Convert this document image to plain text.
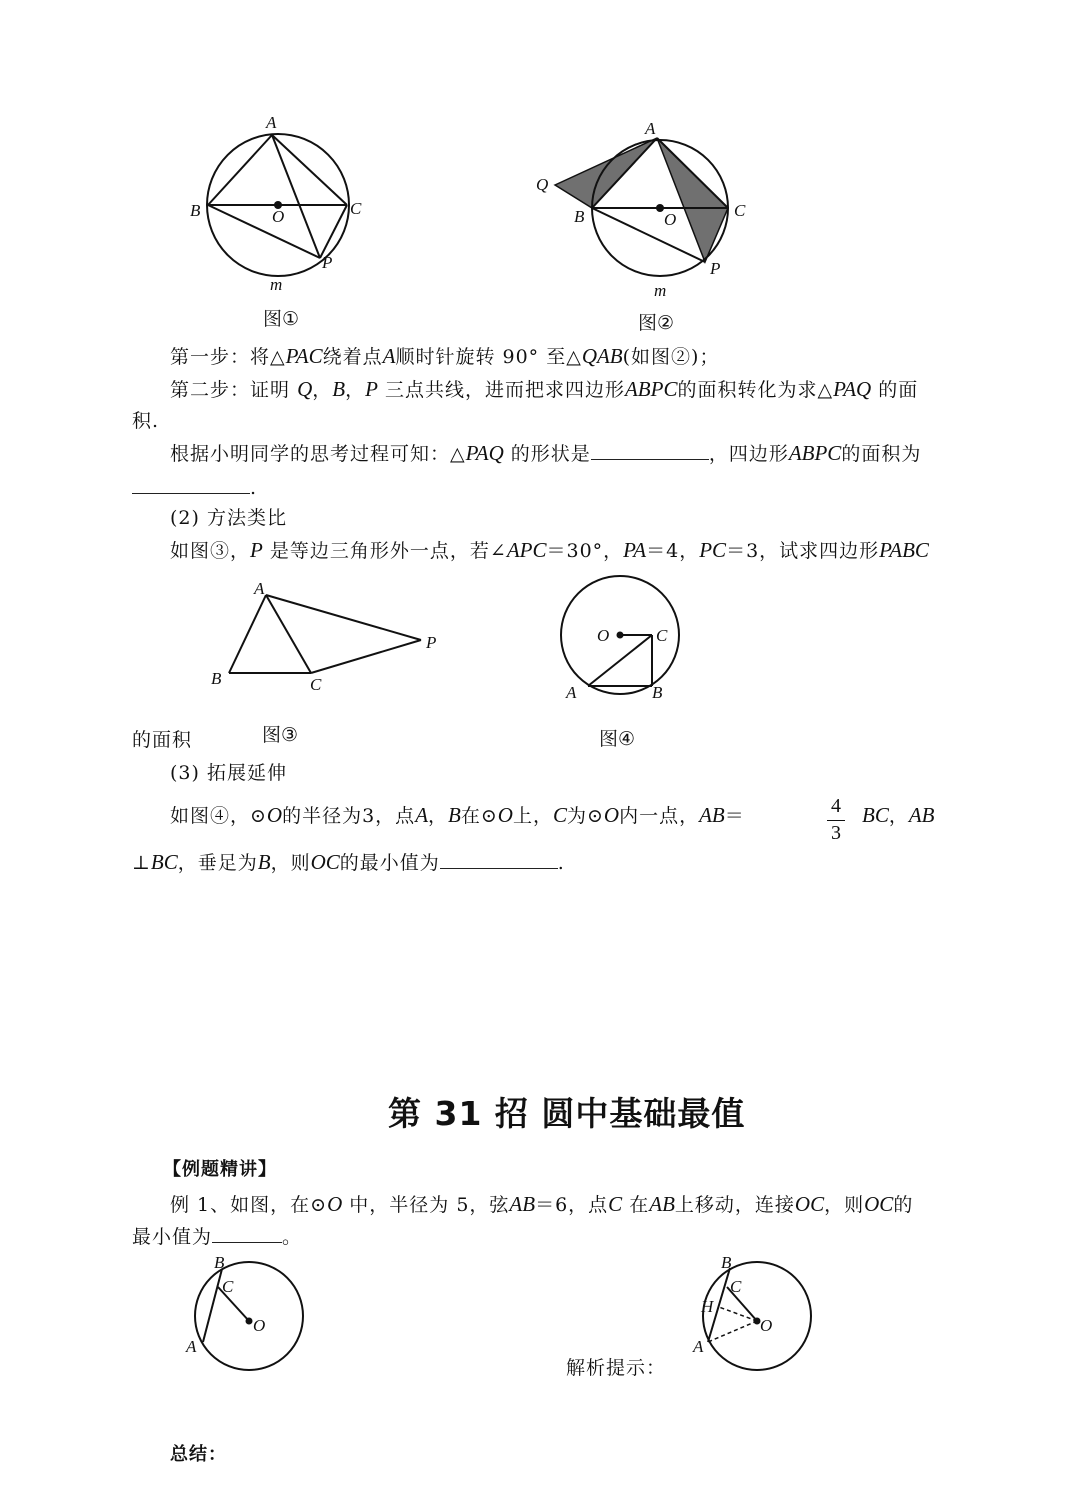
A
B	C
O
P
m
A
Q
B	C
O
P
m
A
B	C
P	O	C
A	B
B
C
O
A
B
C
H
O
A
图①	图②
图③	图④
第一步：将△PAC绕着点A顺时针旋转 90° 至△QAB(如图②)；
第二步：证明 Q，B，P 三点共线，进而把求四边形ABPC的面积转化为求△PAQ 的面
积.
根据小明同学的思考过程可知：△PAQ 的形状是	，四边形ABPC的面积为
.
(2) 方法类比
如图③，P 是等边三角形外一点，若∠APC＝30°，PA＝4，PC＝3，试求四边形PABC
的面积
(3) 拓展延伸
如图④，⊙O的半径为3，点A，B在⊙O上，C为⊙O内一点，AB＝	4
3
BC，AB
⊥BC，垂足为B，则OC的最小值为	.
第 31 招 圆中基础最值
【例题精讲】
例 1、如图，在⊙O 中，半径为 5，弦AB＝6，点C 在AB上移动，连接OC，则OC的
最小值为	。
解析提示：
总结：
